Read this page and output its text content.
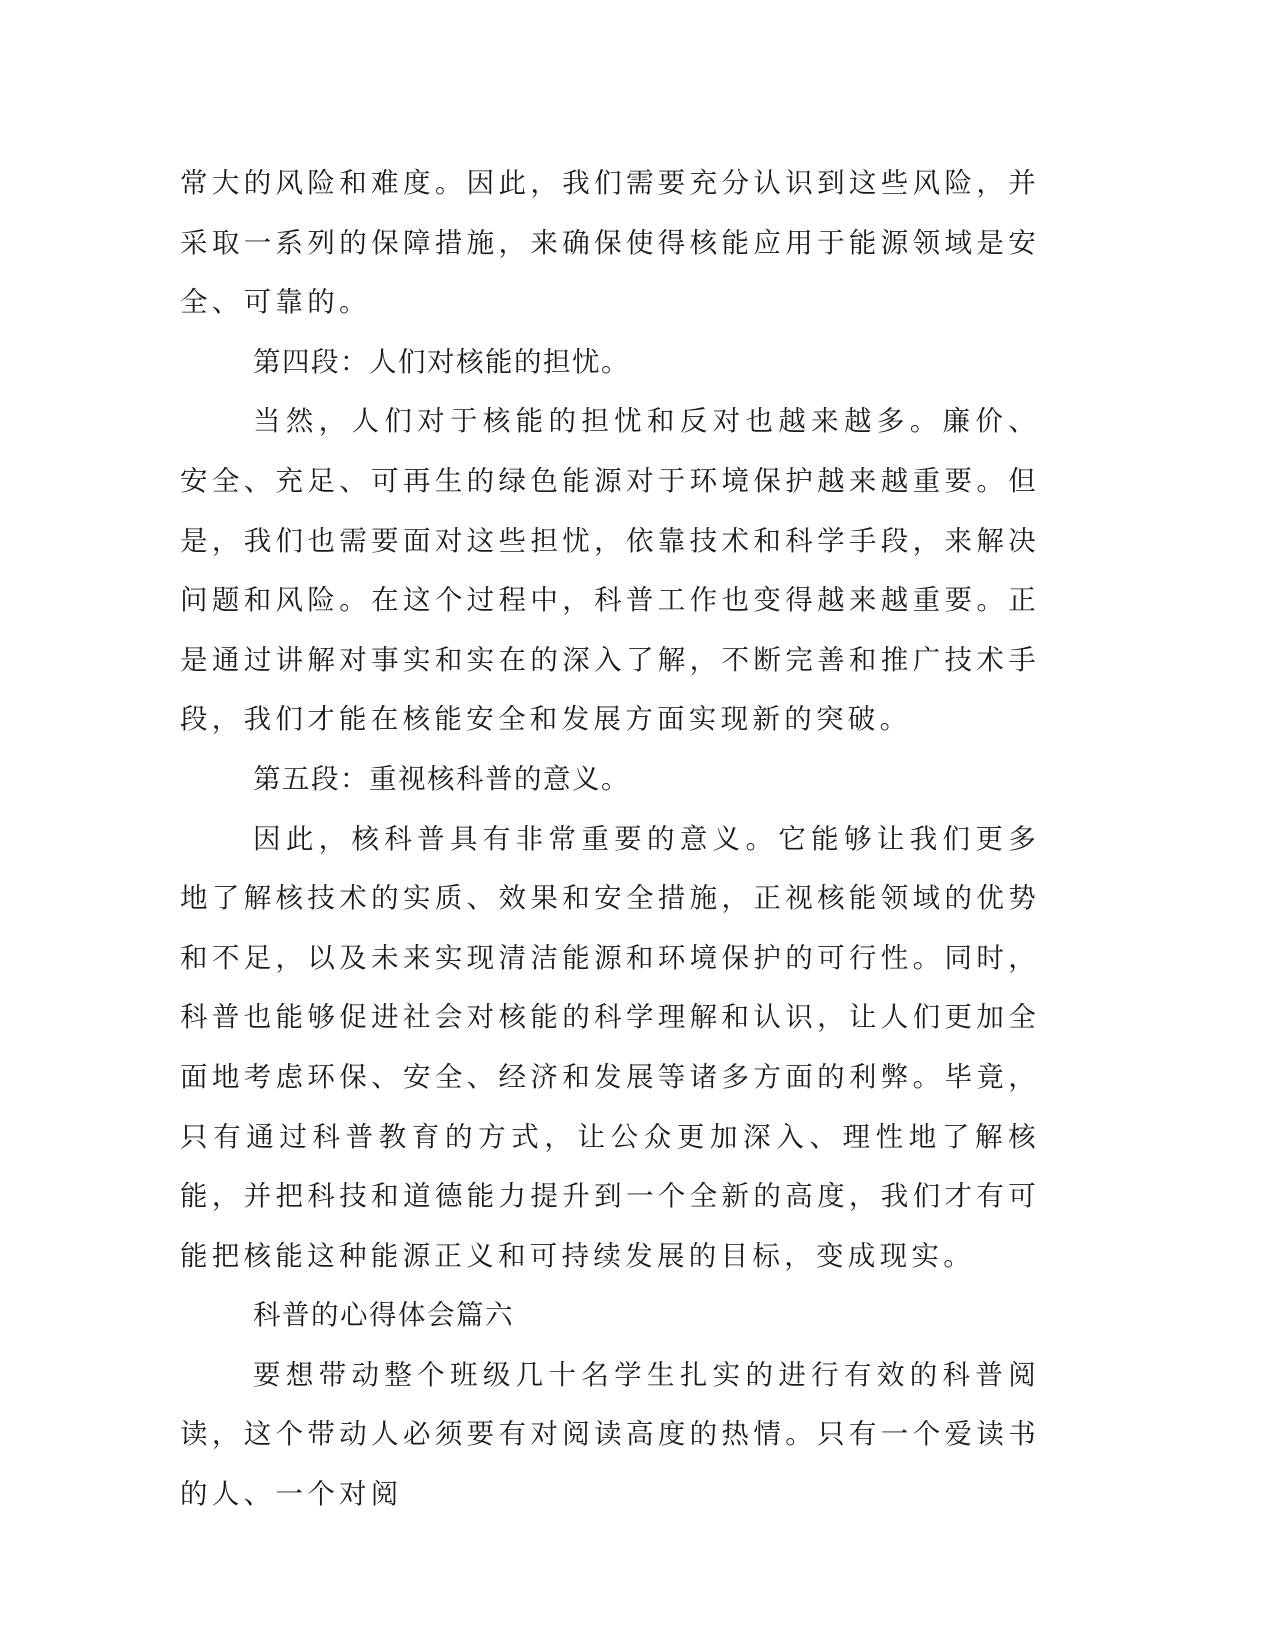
常大的风险和难度。因此，我们需要充分认识到这些风险，并采取一系列的保障措施，来确保使得核能应用于能源领域是安全、可靠的。

第四段：人们对核能的担忧。

当然，人们对于核能的担忧和反对也越来越多。廉价、安全、充足、可再生的绿色能源对于环境保护越来越重要。但是，我们也需要面对这些担忧，依靠技术和科学手段，来解决问题和风险。在这个过程中，科普工作也变得越来越重要。正是通过讲解对事实和实在的深入了解，不断完善和推广技术手段，我们才能在核能安全和发展方面实现新的突破。

第五段：重视核科普的意义。

因此，核科普具有非常重要的意义。它能够让我们更多地了解核技术的实质、效果和安全措施，正视核能领域的优势和不足，以及未来实现清洁能源和环境保护的可行性。同时，科普也能够促进社会对核能的科学理解和认识，让人们更加全面地考虑环保、安全、经济和发展等诸多方面的利弊。毕竟，只有通过科普教育的方式，让公众更加深入、理性地了解核能，并把科技和道德能力提升到一个全新的高度，我们才有可能把核能这种能源正义和可持续发展的目标，变成现实。

科普的心得体会篇六

要想带动整个班级几十名学生扎实的进行有效的科普阅读，这个带动人必须要有对阅读高度的热情。只有一个爱读书的人、一个对阅
